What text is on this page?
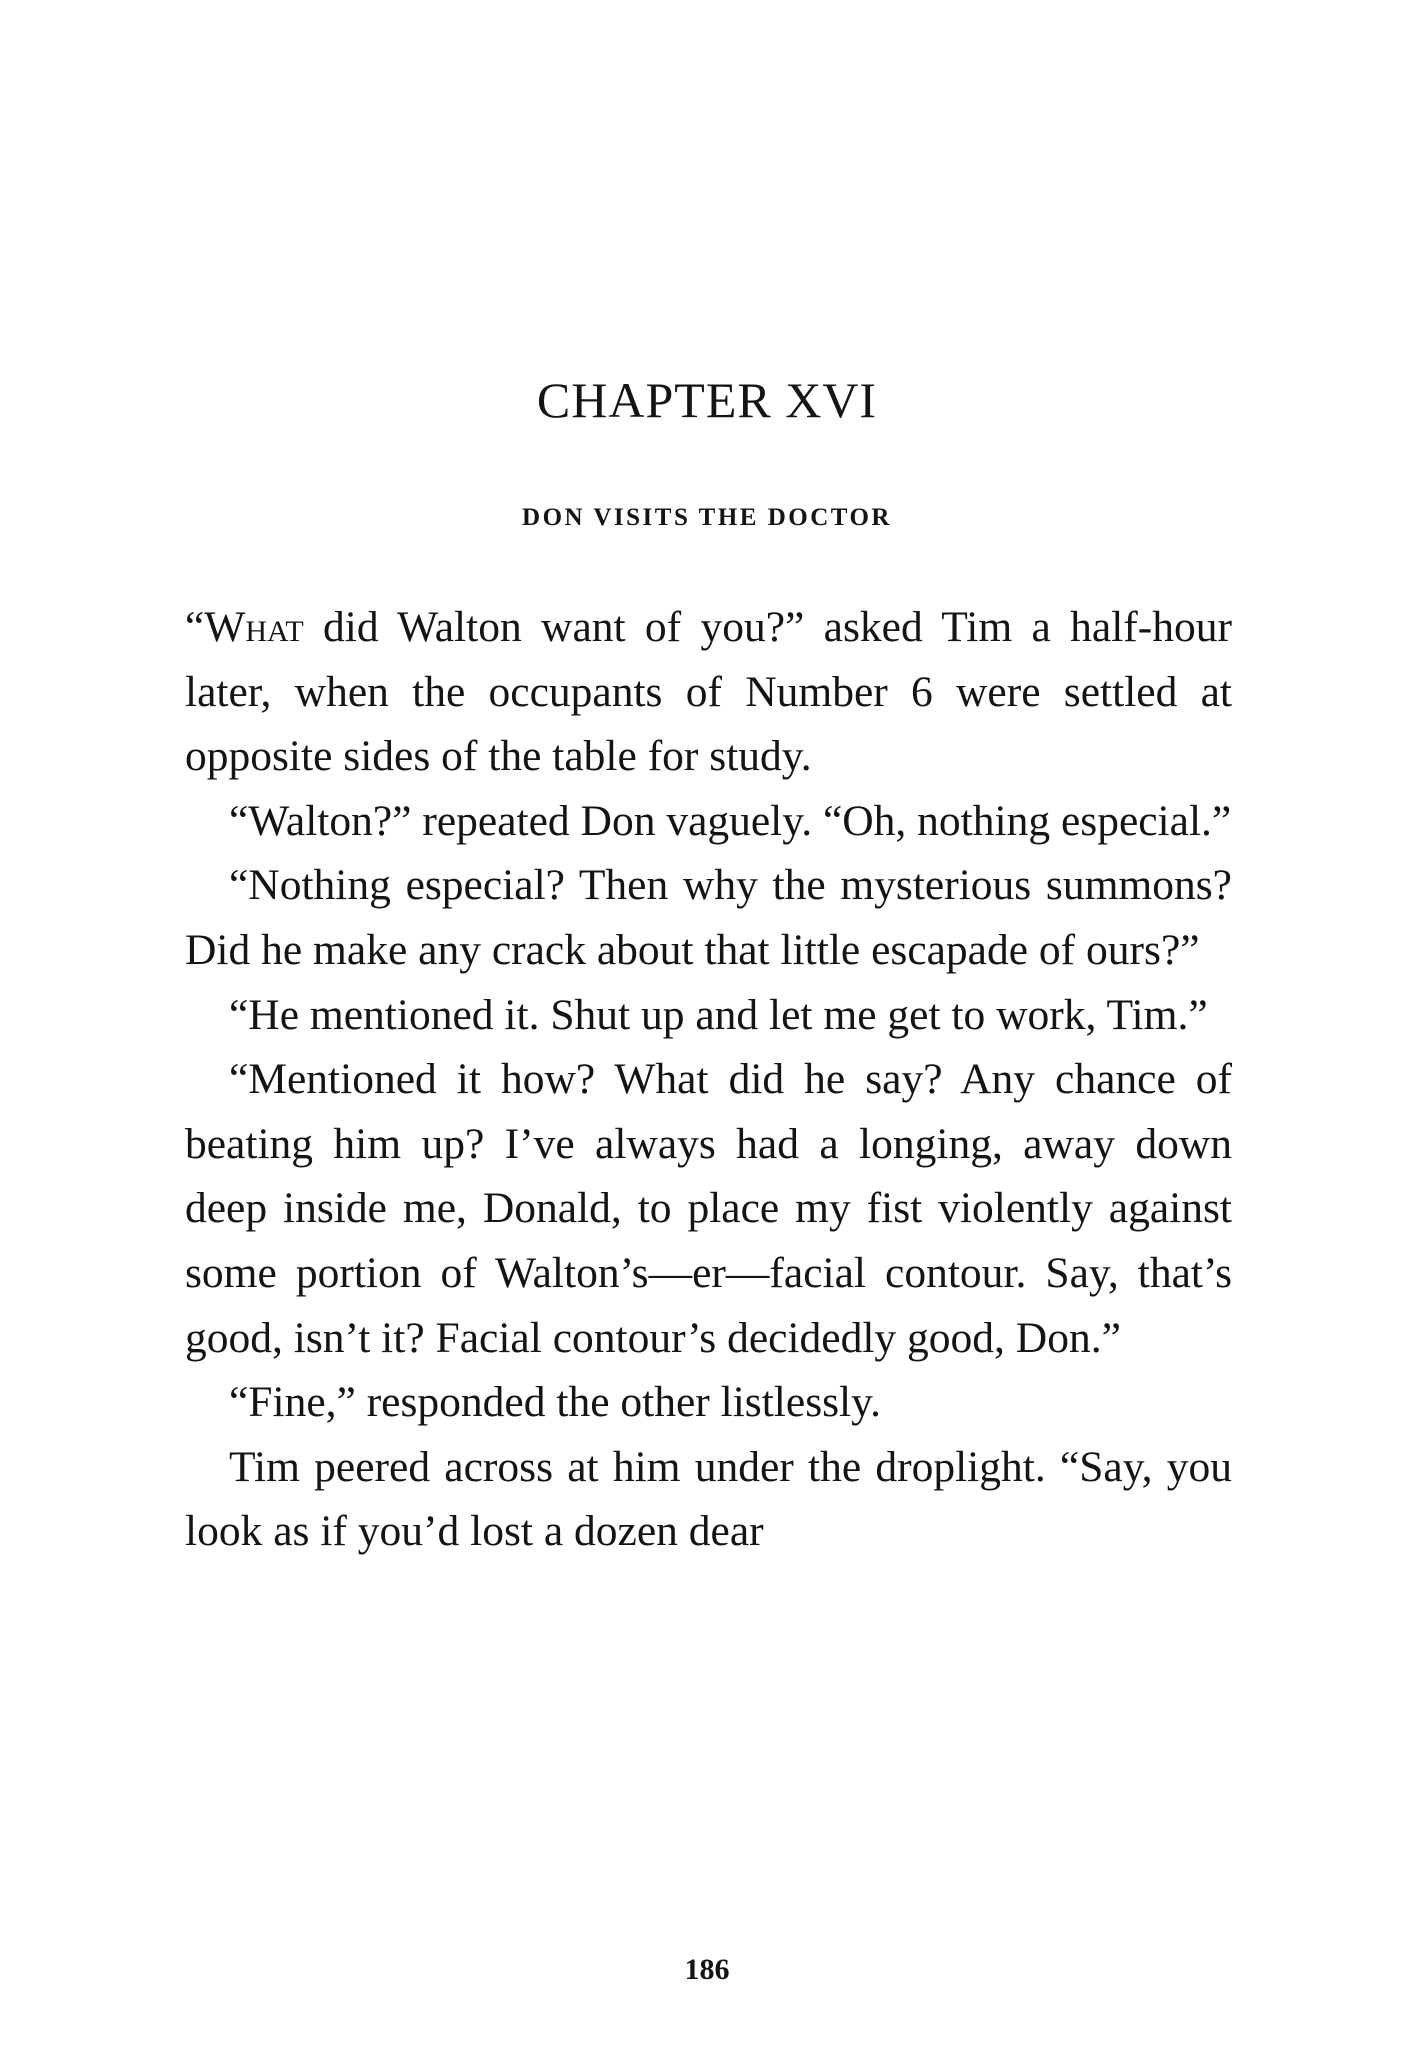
CHAPTER XVI
DON VISITS THE DOCTOR

“What did Walton want of you?” asked Tim a half-hour later, when the occupants of Number 6 were settled at opposite sides of the table for study.

“Walton?” repeated Don vaguely. “Oh, nothing especial.”

“Nothing especial? Then why the mysterious summons? Did he make any crack about that little escapade of ours?”

“He mentioned it. Shut up and let me get to work, Tim.”

“Mentioned it how? What did he say? Any chance of beating him up? I’ve always had a longing, away down deep inside me, Donald, to place my fist violently against some portion of Walton’s—er—facial contour. Say, that’s good, isn’t it? Facial contour’s decidedly good, Don.”

“Fine,” responded the other listlessly.

Tim peered across at him under the droplight. “Say, you look as if you’d lost a dozen dear

186
